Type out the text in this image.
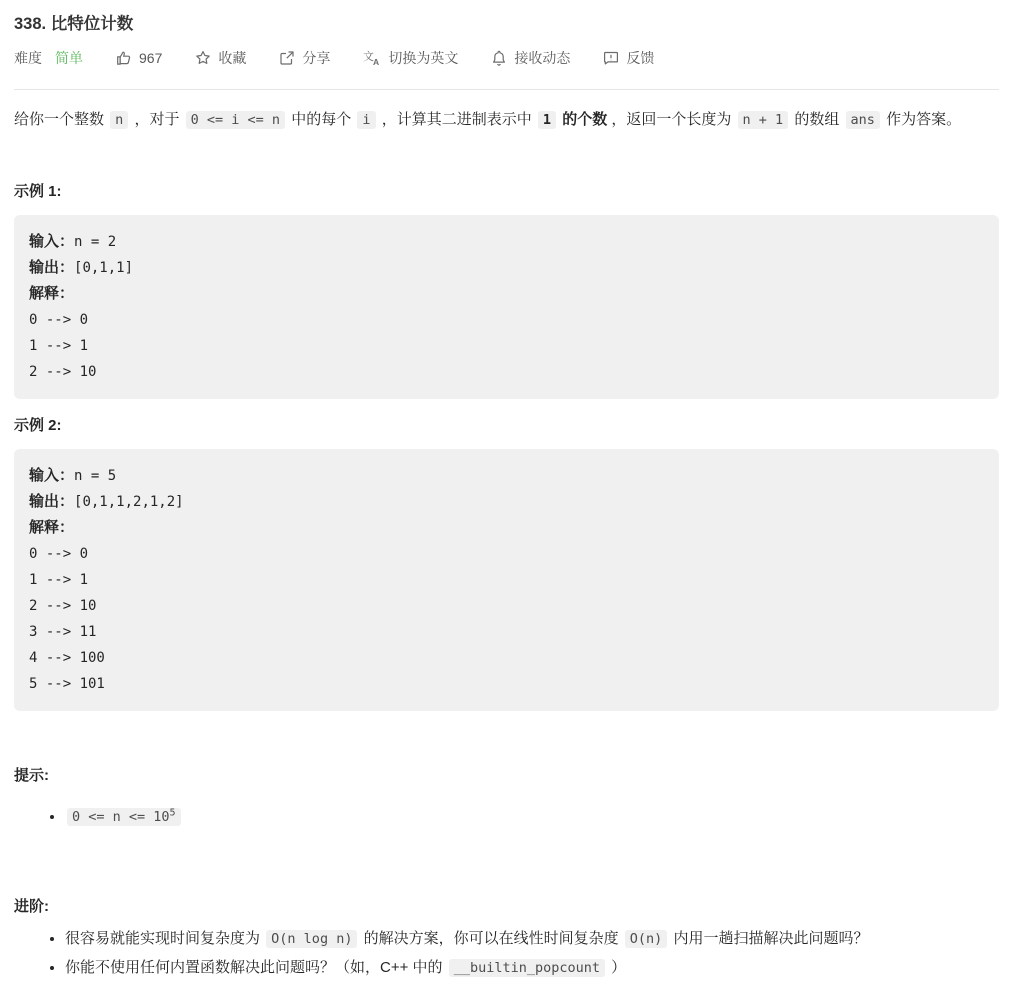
338. 比特位计数
难度 简单	967	收藏	分享	文 A 切换为英文	接收动态	反馈

给你一个整数 n ，对于 0 <= i <= n 中的每个 i ，计算其二进制表示中 1 的个数 ，返回一个长度为 n + 1 的数组 ans 作为答案。

示例 1:
输入：n = 2
输出：[0,1,1]
解释：
0 --> 0
1 --> 1
2 --> 10
示例 2:
输入：n = 5
输出：[0,1,1,2,1,2]
解释：
0 --> 0
1 --> 1
2 --> 10
3 --> 11
4 --> 100
5 --> 101
提示:
• $0 <= n <= 10^5$
进阶:
• 很容易就能实现时间复杂度为 O(n log n) 的解决方案，你可以在线性时间复杂度 O(n) 内用一趟扫描解决此问题吗？
• 你能不使用任何内置函数解决此问题吗？（如，C++ 中的 __builtin_popcount ）
